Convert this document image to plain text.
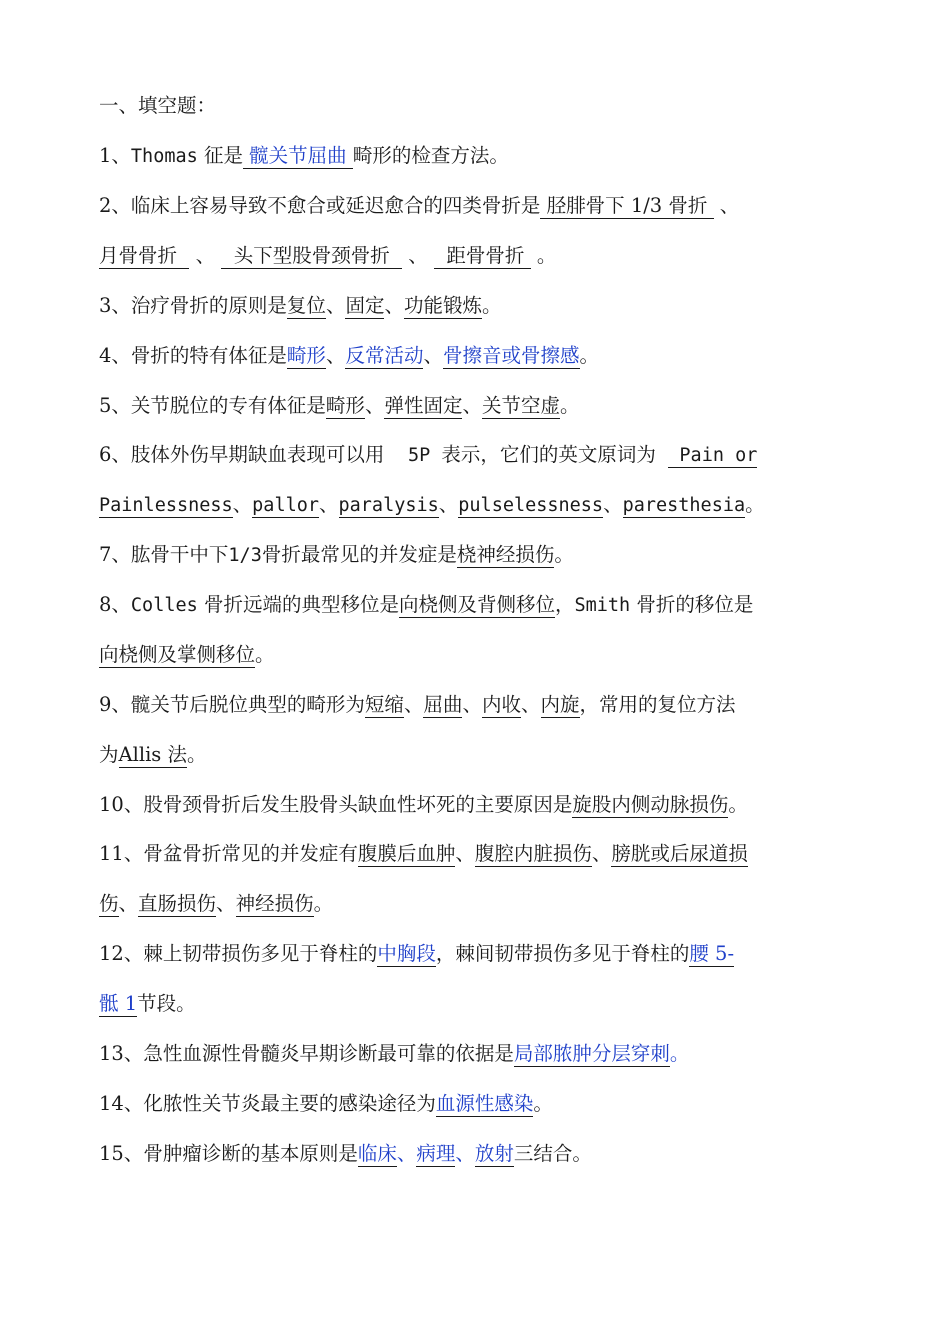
一、填空题：
1、Thomas 征是 髋关节屈曲 畸形的检查方法。
2、临床上容易导致不愈合或延迟愈合的四类骨折是 胫腓骨下 1/3 骨折  、
月骨骨折   、   头下型股骨颈骨折   、   距骨骨折  。
3、治疗骨折的原则是复位、固定、功能锻炼。
4、骨折的特有体征是畸形、反常活动、骨擦音或骨擦感。
5、关节脱位的专有体征是畸形、弹性固定、关节空虚。
6、肢体外伤早期缺血表现可以用   5P 表示，它们的英文原词为   Pain or
Painlessness、pallor、paralysis、pulselessness、paresthesia。
7、肱骨干中下1/3骨折最常见的并发症是桡神经损伤。
8、Colles 骨折远端的典型移位是向桡侧及背侧移位，Smith 骨折的移位是
向桡侧及掌侧移位。
9、髋关节后脱位典型的畸形为短缩、屈曲、内收、内旋，常用的复位方法
为Allis 法。
10、股骨颈骨折后发生股骨头缺血性坏死的主要原因是旋股内侧动脉损伤。
11、骨盆骨折常见的并发症有腹膜后血肿、腹腔内脏损伤、膀胱或后尿道损
伤、直肠损伤、神经损伤。
12、棘上韧带损伤多见于脊柱的中胸段，棘间韧带损伤多见于脊柱的腰 5-
骶 1节段。
13、急性血源性骨髓炎早期诊断最可靠的依据是局部脓肿分层穿刺。
14、化脓性关节炎最主要的感染途径为血源性感染。
15、骨肿瘤诊断的基本原则是临床、病理、放射三结合。
